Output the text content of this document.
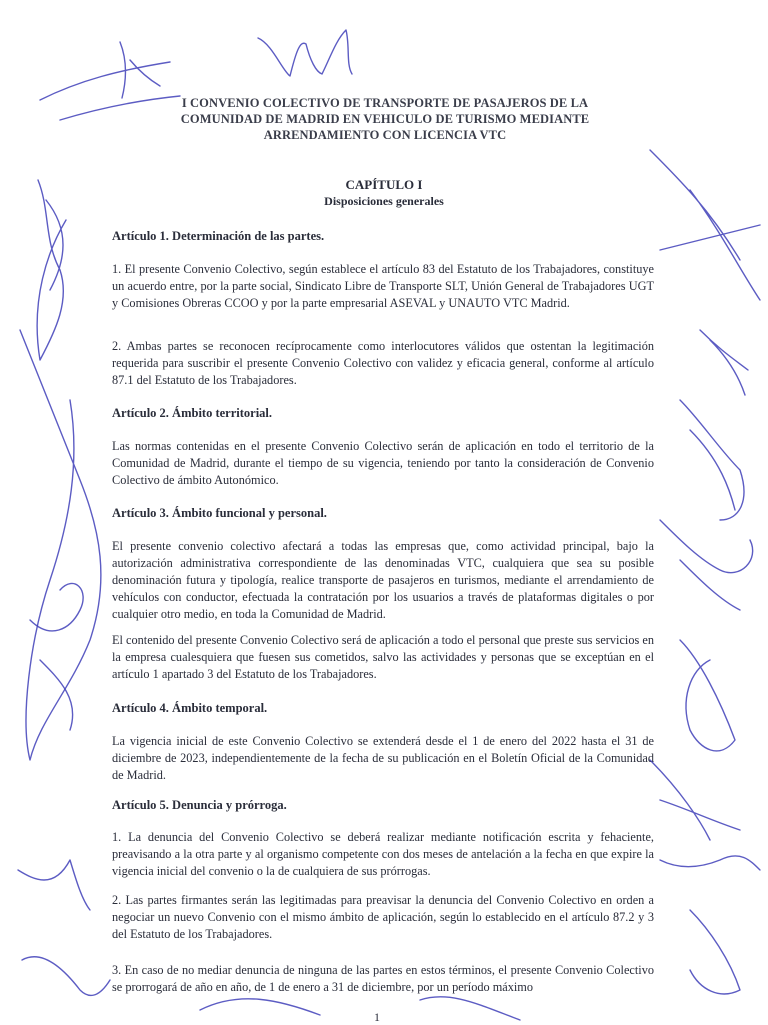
I CONVENIO COLECTIVO DE TRANSPORTE DE PASAJEROS DE LA
COMUNIDAD DE MADRID EN VEHICULO DE TURISMO MEDIANTE
ARRENDAMIENTO CON LICENCIA VTC
CAPÍTULO I
Disposiciones generales
Artículo 1. Determinación de las partes.
1. El presente Convenio Colectivo, según establece el artículo 83 del Estatuto de los Trabajadores, constituye un acuerdo entre, por la parte social, Sindicato Libre de Transporte SLT, Unión General de Trabajadores UGT y Comisiones Obreras CCOO y por la parte empresarial ASEVAL y UNAUTO VTC Madrid.
2. Ambas partes se reconocen recíprocamente como interlocutores válidos que ostentan la legitimación requerida para suscribir el presente Convenio Colectivo con validez y eficacia general, conforme al artículo 87.1 del Estatuto de los Trabajadores.
Artículo 2. Ámbito territorial.
Las normas contenidas en el presente Convenio Colectivo serán de aplicación en todo el territorio de la Comunidad de Madrid, durante el tiempo de su vigencia, teniendo por tanto la consideración de Convenio Colectivo de ámbito Autonómico.
Artículo 3. Ámbito funcional y personal.
El presente convenio colectivo afectará a todas las empresas que, como actividad principal, bajo la autorización administrativa correspondiente de las denominadas VTC, cualquiera que sea su posible denominación futura y tipología, realice transporte de pasajeros en turismos, mediante el arrendamiento de vehículos con conductor, efectuada la contratación por los usuarios a través de plataformas digitales o por cualquier otro medio, en toda la Comunidad de Madrid.
El contenido del presente Convenio Colectivo será de aplicación a todo el personal que preste sus servicios en la empresa cualesquiera que fuesen sus cometidos, salvo las actividades y personas que se exceptúan en el artículo 1 apartado 3 del Estatuto de los Trabajadores.
Artículo 4. Ámbito temporal.
La vigencia inicial de este Convenio Colectivo se extenderá desde el 1 de enero del 2022 hasta el 31 de diciembre de 2023, independientemente de la fecha de su publicación en el Boletín Oficial de la Comunidad de Madrid.
Artículo 5. Denuncia y prórroga.
1. La denuncia del Convenio Colectivo se deberá realizar mediante notificación escrita y fehaciente, preavisando a la otra parte y al organismo competente con dos meses de antelación a la fecha en que expire la vigencia inicial del convenio o la de cualquiera de sus prórrogas.
2. Las partes firmantes serán las legitimadas para preavisar la denuncia del Convenio Colectivo en orden a negociar un nuevo Convenio con el mismo ámbito de aplicación, según lo establecido en el artículo 87.2 y 3 del Estatuto de los Trabajadores.
3. En caso de no mediar denuncia de ninguna de las partes en estos términos, el presente Convenio Colectivo se prorrogará de año en año, de 1 de enero a 31 de diciembre, por un período máximo
1
